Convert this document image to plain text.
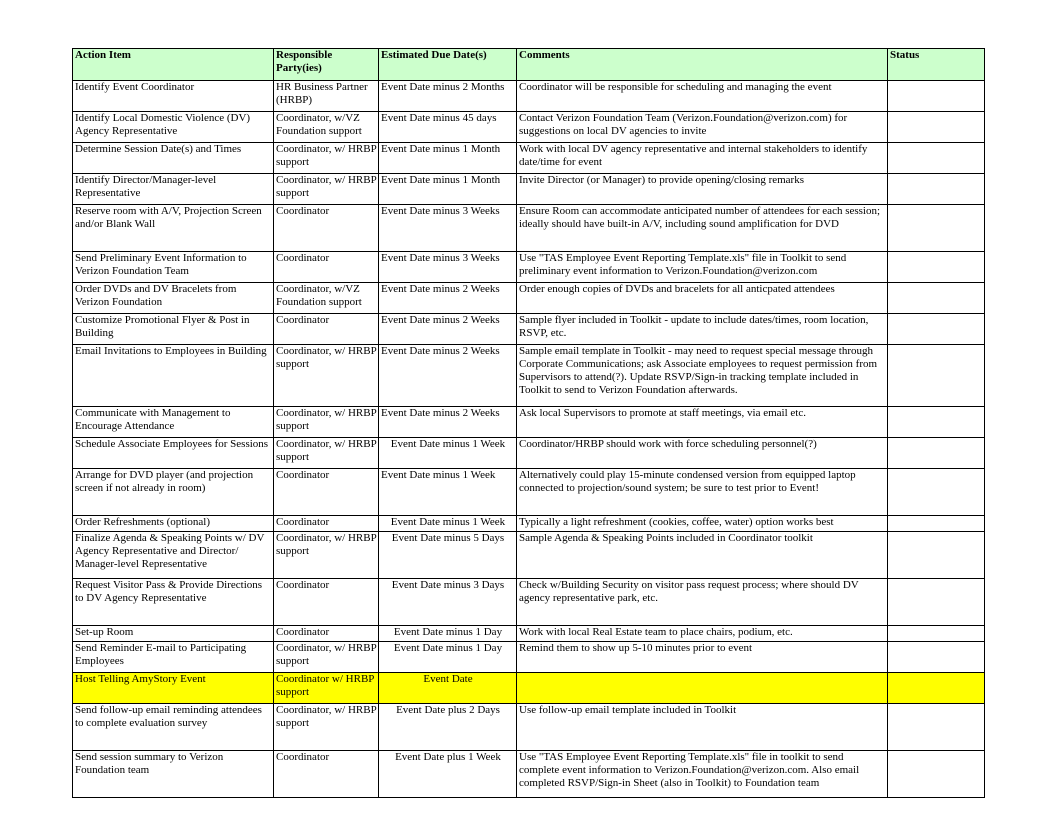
Action Item	Responsible Party(ies)	Estimated Due Date(s)	Comments	Status
Identify Event Coordinator	HR Business Partner (HRBP)	Event Date minus 2 Months	Coordinator will be responsible for scheduling and managing the event	
Identify Local Domestic Violence (DV) Agency Representative	Coordinator, w/VZ Foundation support	Event Date minus 45 days	Contact Verizon Foundation Team (Verizon.Foundation@verizon.com) for suggestions on local DV agencies to invite	
Determine Session Date(s) and Times	Coordinator, w/ HRBP support	Event Date minus 1 Month	Work with local DV agency representative and internal stakeholders to identify date/time for event	
Identify Director/Manager-level Representative	Coordinator, w/ HRBP support	Event Date minus 1 Month	Invite Director (or Manager) to provide opening/closing remarks	
Reserve room with A/V, Projection Screen and/or Blank Wall	Coordinator	Event Date minus 3 Weeks	Ensure Room can accommodate anticipated number of attendees for each session; ideally should have built-in A/V, including sound amplification for DVD	
Send Preliminary Event Information to Verizon Foundation Team	Coordinator	Event Date minus 3 Weeks	Use "TAS Employee Event Reporting Template.xls" file in Toolkit to send preliminary event information to Verizon.Foundation@verizon.com	
Order DVDs and DV Bracelets from Verizon Foundation	Coordinator, w/VZ Foundation support	Event Date minus 2 Weeks	Order enough copies of DVDs and bracelets for all anticpated attendees	
Customize Promotional Flyer & Post in Building	Coordinator	Event Date minus 2 Weeks	Sample flyer included in Toolkit - update to include dates/times, room location, RSVP, etc.	
Email Invitations to Employees in Building	Coordinator, w/ HRBP support	Event Date minus 2 Weeks	Sample email template in Toolkit - may need to request special message through Corporate Communications; ask Associate employees to request permission from Supervisors to attend(?). Update RSVP/Sign-in tracking template included in Toolkit to send to Verizon Foundation afterwards.	
Communicate with Management to Encourage Attendance	Coordinator, w/ HRBP support	Event Date minus 2 Weeks	Ask local Supervisors to promote at staff meetings, via email etc.	
Schedule Associate Employees for Sessions	Coordinator, w/ HRBP support	Event Date minus 1 Week	Coordinator/HRBP should work with force scheduling personnel(?)	
Arrange for DVD player (and projection screen if not already in room)	Coordinator	Event Date minus 1 Week	Alternatively could play 15-minute condensed version from equipped laptop connected to projection/sound system; be sure to test prior to Event!	
Order Refreshments (optional)	Coordinator	Event Date minus 1 Week	Typically a light refreshment (cookies, coffee, water) option works best	
Finalize Agenda & Speaking Points w/ DV Agency Representative and Director/ Manager-level Representative	Coordinator, w/ HRBP support	Event Date minus 5 Days	Sample Agenda & Speaking Points included in Coordinator toolkit	
Request Visitor Pass & Provide Directions to DV Agency Representative	Coordinator	Event Date minus 3 Days	Check w/Building Security on visitor pass request process; where should DV agency representative park, etc.	
Set-up Room	Coordinator	Event Date minus 1 Day	Work with local Real Estate team to place chairs, podium, etc.	
Send Reminder E-mail to Participating Employees	Coordinator, w/ HRBP support	Event Date minus 1 Day	Remind them to show up 5-10 minutes prior to event	
Host Telling AmyStory Event	Coordinator w/ HRBP support	Event Date		
Send follow-up email reminding attendees to complete evaluation survey	Coordinator, w/ HRBP support	Event Date plus 2 Days	Use follow-up email template included in Toolkit	
Send session summary to Verizon Foundation team	Coordinator	Event Date plus 1 Week	Use "TAS Employee Event Reporting Template.xls" file in toolkit to send complete event information to Verizon.Foundation@verizon.com. Also email completed RSVP/Sign-in Sheet (also in Toolkit) to Foundation team	
